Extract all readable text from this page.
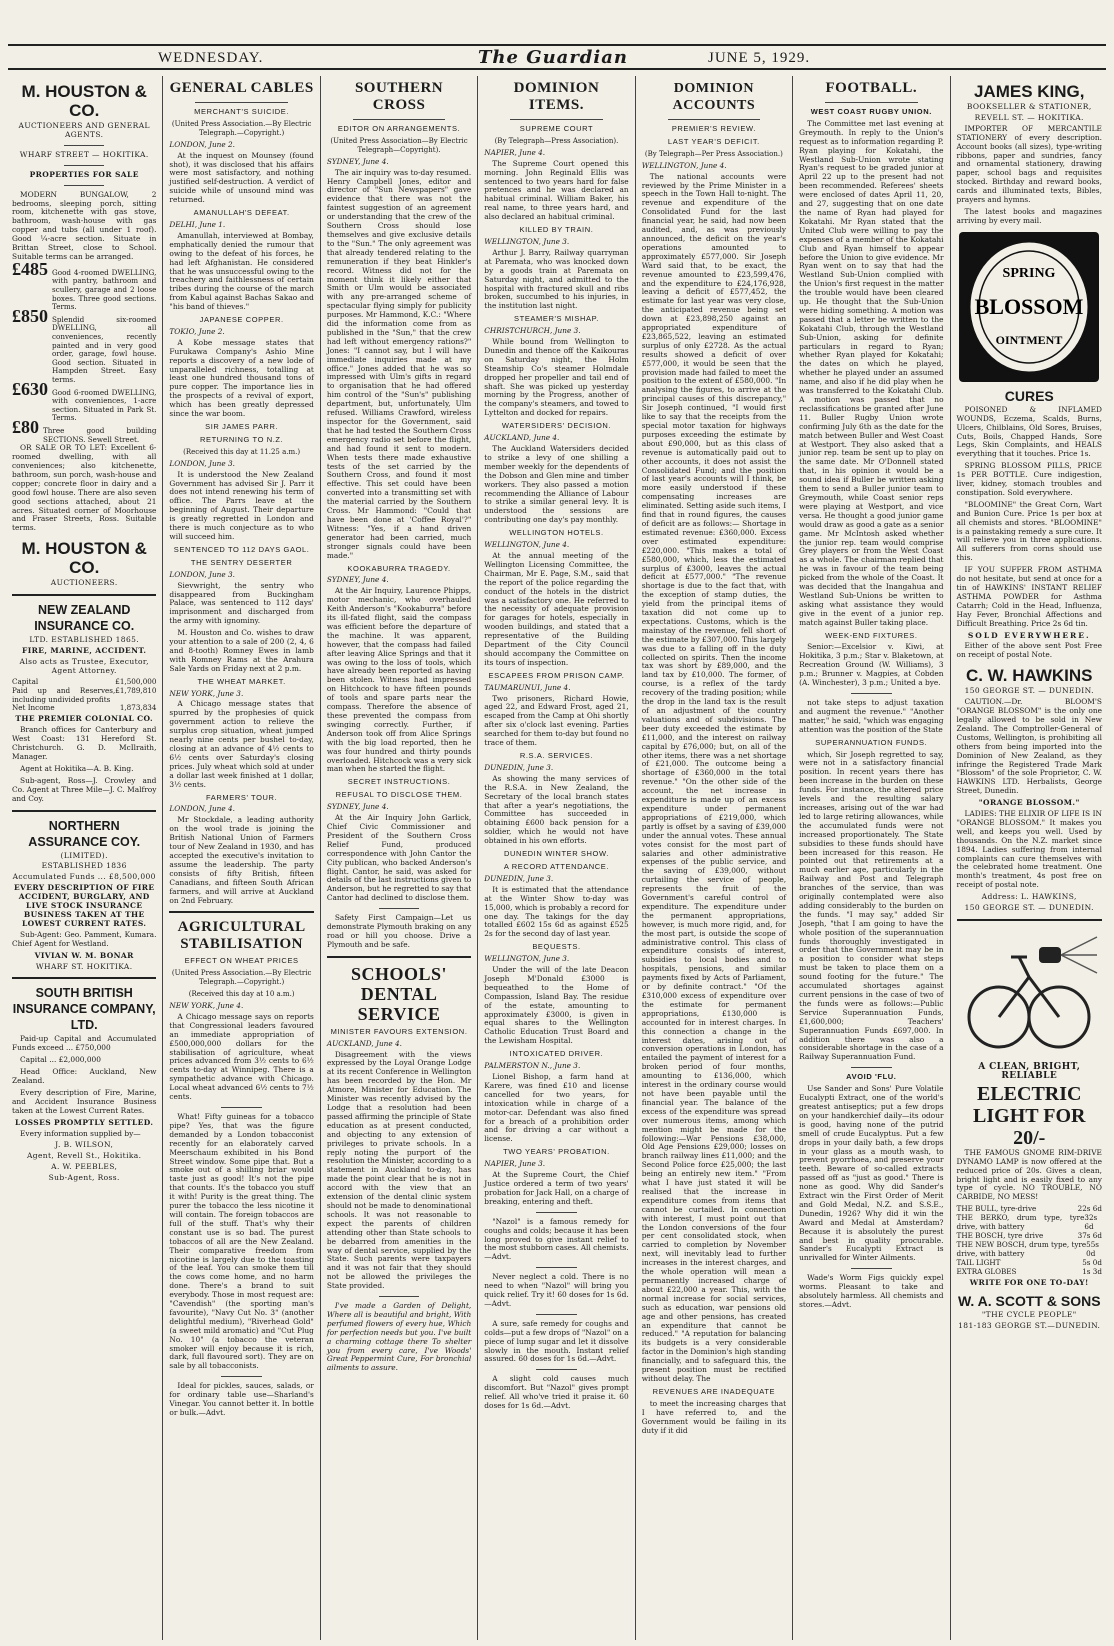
WEDNESDAY.	The Guardian	JUNE 5, 1929.
M. HOUSTON & CO.
AUCTIONEERS AND GENERAL AGENTS.
WHARF STREET — HOKITIKA.
PROPERTIES FOR SALE

MODERN BUNGALOW, 2 bedrooms, sleeping porch, sitting room, kitchenette with gas stove, bathroom, wash-house with gas copper and tubs (all under 1 roof). Good ¼-acre section. Situate in Brittan Street, close to School. Suitable terms can be arranged.

£485 Good 4-roomed DWELLING, with pantry, bathroom and scullery, garage and 2 loose boxes. Three good sections. Terms.
£850 Splendid six-roomed DWELLING, all conveniences, recently painted and in very good order, garage, fowl house. Good section. Situated in Hampden Street. Easy terms.
£630 Good 6-roomed DWELLING, with conveniences, 1-acre section. Situated in Park St. Terms.
£80 Three good building SECTIONS. Sewell Street.

OR SALE OR TO LET: Excellent 6-roomed dwelling, with all conveniences; also kitchenette, bathroom, sun porch, wash-house and copper; concrete floor in dairy and a good fowl house. There are also seven good sections attached, about 21 acres. Situated corner of Moorhouse and Fraser Streets, Ross. Suitable terms.

M. HOUSTON & CO.
AUCTIONEERS.
NEW ZEALAND INSURANCE CO.
LTD. ESTABLISHED 1865.
FIRE, MARINE, ACCIDENT.
Also acts as Trustee, Executor, Agent Attorney.
Capital	£1,500,000
Paid up and Reserves, including undivided profits
£1,789,810
Net Income	1,873,834
THE PREMIER COLONIAL CO.

Branch offices for Canterbury and West Coast: 131 Hereford St. Christchurch. G. D. McIlraith, Manager.

Agent at Hokitika—A. B. King.

Sub-agent, Ross—J. Crowley and Co. Agent at Three Mile—J. C. Malfroy and Coy.

NORTHERN ASSURANCE COY.
(LIMITED).
ESTABLISHED 1836
Accumulated Funds ... £8,500,000
EVERY DESCRIPTION OF FIRE ACCIDENT, BURGLARY, AND LIVE STOCK INSURANCE BUSINESS TAKEN AT THE LOWEST CURRENT RATES.

Sub-Agent: Geo. Pamment, Kumara. Chief Agent for Westland.

VIVIAN W. M. BONAR
WHARF ST. HOKITIKA.
SOUTH BRITISH INSURANCE COMPANY, LTD.

Paid-up Capital and Accumulated Funds exceed ... £750,000

Capital ... £2,000,000

Head Office: Auckland, New Zealand.

Every description of Fire, Marine, and Accident Insurance Business taken at the Lowest Current Rates.

LOSSES PROMPTLY SETTLED.

Every information supplied by—

J. B. WILSON,
Agent, Revell St., Hokitika.
A. W. PEEBLES,
Sub-Agent, Ross.
GENERAL CABLES
MERCHANT'S SUICIDE.
(United Press Association.—By Electric Telegraph.—Copyright.)
LONDON, June 2.

At the inquest on Mounsey (found shot), it was disclosed that his affairs were most satisfactory, and nothing justified self-destruction. A verdict of suicide while of unsound mind was returned.

AMANULLAH'S DEFEAT.
DELHI, June 1.

Amanullah, interviewed at Bombay, emphatically denied the rumour that owing to the defeat of his forces, he had left Afghanistan. He considered that he was unsuccessful owing to the treachery and faithlessness of certain tribes during the course of the march from Kabul against Bachas Sakao and "his band of thieves."

JAPANESE COPPER.
TOKIO, June 2.

A Kobe message states that Furukawa Company's Ashio Mine reports a discovery of a new lode of unparalleled richness, totalling at least one hundred thousand tons of pure copper. The importance lies in the prospects of a revival of export, which has been greatly depressed since the war boom.

SIR JAMES PARR.
RETURNING TO N.Z.
(Received this day at 11.25 a.m.)
LONDON, June 3.

It is understood the New Zealand Government has advised Sir J. Parr it does not intend renewing his term of office. The Parrs leave at the beginning of August. Their departure is greatly regretted in London and there is much conjecture as to who will succeed him.

SENTENCED TO 112 DAYS GAOL.
THE SENTRY DESERTER
LONDON, June 3.

Sievwright, the sentry who disappeared from Buckingham Palace, was sentenced to 112 days' imprisonment and discharged from the army with ignominy.

M. Houston and Co. wishes to draw your attention to a sale of 200 (2, 4, 6 and 8-tooth) Romney Ewes in lamb with Romney Rams at the Arahura Sale Yards on Friday next at 2 p.m.

THE WHEAT MARKET.
NEW YORK, June 3.

A Chicago message states that spurred by the prophesies of quick government action to relieve the surplus crop situation, wheat jumped nearly nine cents per bushel to-day, closing at an advance of 4½ cents to 6½ cents over Saturday's closing prices. July wheat which sold at under a dollar last week finished at 1 dollar, 3½ cents.

FARMERS' TOUR.
LONDON, June 4.

Mr Stockdale, a leading authority on the wool trade is joining the British National Union of Farmers tour of New Zealand in 1930, and has accepted the executive's invitation to assume the leadership. The party consists of fifty British, fifteen Canadians, and fifteen South African farmers, and will arrive at Auckland on 2nd February.

AGRICULTURAL STABILISATION
EFFECT ON WHEAT PRICES
(United Press Association.—By Electric Telegraph.—Copyright.)
(Received this day at 10 a.m.)
NEW YORK, June 4.

A Chicago message says on reports that Congressional leaders favoured an immediate appropriation of £500,000,000 dollars for the stabilisation of agriculture, wheat prices advanced from 3½ cents to 6½ cents to-day at Winnipeg. There is a sympathetic advance with Chicago. Local wheat advanced 6½ cents to 7½ cents.

What! Fifty guineas for a tobacco pipe? Yes, that was the figure demanded by a London tobacconist recently for an elaborately carved Meerschaum exhibited in his Bond Street window. Some pipe that. But a smoke out of a shilling briar would taste just as good! It's not the pipe that counts. It's the tobacco you stuff it with! Purity is the great thing. The purer the tobacco the less nicotine it will contain. The foreign tobaccos are full of the stuff. That's why their constant use is so bad. The purest tobaccos of all are the New Zealand. Their comparative freedom from nicotine is largely due to the toasting of the leaf. You can smoke them till the cows come home, and no harm done. There's a brand to suit everybody. Those in most request are: "Cavendish" (the sporting man's favourite), "Navy Cut No. 3" (another delightful medium), "Riverhead Gold" (a sweet mild aromatic) and "Cut Plug No. 10" (a tobacco the veteran smoker will enjoy because it is rich, dark, full flavoured sort). They are on sale by all tobacconists.

Ideal for pickles, sauces, salads, or for ordinary table use—Sharland's Vinegar. You cannot better it. In bottle or bulk.—Advt.

SOUTHERN CROSS
EDITOR ON ARRANGEMENTS.
(United Press Association—By Electric Telegraph—Copyright).
SYDNEY, June 4.

The air inquiry was to-day resumed. Henry Campbell Jones, editor and director of "Sun Newspapers" gave evidence that there was not the faintest suggestion of an agreement or understanding that the crew of the Southern Cross should lose themselves and give exclusive details to the "Sun." The only agreement was that already tendered relating to the remuneration if they beat Hinkler's record. Witness did not for the moment think it likely either that Smith or Ulm would be associated with any pre-arranged scheme of spectacular flying simply for publicity purposes. Mr Hammond, K.C.: "Where did the information come from as published in the "Sun," that the crew had left without emergency rations?" Jones: "I cannot say, but I will have immediate inquiries made at my office." Jones added that he was so impressed with Ulm's gifts in regard to organisation that he had offered him control of the "Sun's" publishing department, but, unfortunately, Ulm refused. Williams Crawford, wireless inspector for the Government, said that he had tested the Southern Cross emergency radio set before the flight, and had found it sent to modern. When tests there made exhaustive tests of the set carried by the Southern Cross, and found it most effective. This set could have been converted into a transmitting set with the material carried by the Southern Cross. Mr Hammond: "Could that have been done at 'Coffee Royal'?" Witness: "Yes, if a hand driven generator had been carried, much stronger signals could have been made."

KOOKABURRA TRAGEDY.
SYDNEY, June 4.

At the Air Inquiry, Laurence Phipps, motor mechanic, who overhauled Keith Anderson's "Kookaburra" before its ill-fated flight, said the compass was efficient before the departure of the machine. It was apparent, however, that the compass had failed after leaving Alice Springs and that it was owing to the loss of tools, which have already been reported as having been stolen. Witness had impressed on Hitchcock to have fifteen pounds of tools and spare parts near the compass. Therefore the absence of these prevented the compass from swinging correctly. Further, if Anderson took off from Alice Springs with the big load reported, then he was four hundred and thirty pounds overloaded. Hitchcock was a very sick man when he started the flight.

SECRET INSTRUCTIONS.
REFUSAL TO DISCLOSE THEM.
SYDNEY, June 4.

At the Air Inquiry John Garlick, Chief Civic Commissioner and President of the Southern Cross Relief Fund, produced correspondence with John Cantor the City publican, who backed Anderson's flight. Cantor, he said, was asked for details of the last instructions given to Anderson, but he regretted to say that Cantor had declined to disclose them.

Safety First Campaign—Let us demonstrate Plymouth braking on any road or hill you choose. Drive a Plymouth and be safe.

SCHOOLS' DENTAL SERVICE
MINISTER FAVOURS EXTENSION.
AUCKLAND, June 4.

Disagreement with the views expressed by the Loyal Orange Lodge at its recent Conference in Wellington has been recorded by the Hon. Mr Atmore, Minister for Education. The Minister was recently advised by the Lodge that a resolution had been passed affirming the principle of State education as at present conducted, and objecting to any extension of privileges to private schools. In a reply noting the purport of the resolution the Minister, according to a statement in Auckland to-day, has made the point clear that he is not in accord with the view that an extension of the dental clinic system should not be made to denominational schools. It was not reasonable to expect the parents of children attending other than State schools to be debarred from amenities in the way of dental service, supplied by the State. Such parents were taxpayers and it was not fair that they should not be allowed the privileges the State provided.

I've made a Garden of Delight, Where all is beautiful and bright, With perfumed flowers of every hue, Which for perfection needs but you. I've built a charming cottage there To shelter you from every care, I've Woods' Great Peppermint Cure, For bronchial ailments to assure.

DOMINION ITEMS.
SUPREME COURT
(By Telegraph—Press Association).
NAPIER, June 4.

The Supreme Court opened this morning. John Reginald Ellis was sentenced to two years hard for false pretences and he was declared an habitual criminal. William Baker, his real name, to three years hard, and also declared an habitual criminal.

KILLED BY TRAIN.
WELLINGTON, June 3.

Arthur J. Barry, Railway quarryman at Paremata, who was knocked down by a goods train at Paremata on Saturday night, and admitted to the hospital with fractured skull and ribs broken, succumbed to his injuries, in the institution last night.

STEAMER'S MISHAP.
CHRISTCHURCH, June 3.

While bound from Wellington to Dunedin and thence off the Kaikouras on Saturday night, the Holm Steamship Co's steamer Holmdale dropped her propeller and tail end of shaft. She was picked up yesterday morning by the Progress, another of the company's steamers, and towed to Lyttelton and docked for repairs.

WATERSIDERS' DECISION.
AUCKLAND, June 4.

The Auckland Watersiders decided to strike a levy of one shilling a member weekly for the dependents of the Dobson and Glen mine and timber workers. They also passed a motion recommending the Alliance of Labour to strike a similar general levy. It is understood the sessions are contributing one day's pay monthly.

WELLINGTON HOTELS.
WELLINGTON, June 4.

At the annual meeting of the Wellington Licensing Committee, the Chairman, Mr E. Page, S.M., said that the report of the police regarding the conduct of the hotels in the district was a satisfactory one. He referred to the necessity of adequate provision for garages for hotels, especially in wooden buildings, and stated that a representative of the Building Department of the City Council should accompany the Committee on its tours of inspection.

ESCAPEES FROM PRISON CAMP.
TAUMARUNUI, June 4.

Two prisoners, Richard Howie, aged 22, and Edward Frost, aged 21, escaped from the Camp at Ohi shortly after six o'clock last evening. Parties searched for them to-day but found no trace of them.

R.S.A. SERVICES.
DUNEDIN, June 3.

As showing the many services of the R.S.A. in New Zealand, the Secretary of the local branch states that after a year's negotiations, the Committee has succeeded in obtaining £600 back pension for a soldier, which he would not have obtained in his own efforts.

DUNEDIN WINTER SHOW.
A RECORD ATTENDANCE.
DUNEDIN, June 3.

It is estimated that the attendance at the Winter Show to-day was 15,000, which is probably a record for one day. The takings for the day totalled £602 15s 6d as against £525 2s for the second day of last year.

BEQUESTS.
WELLINGTON, June 3.

Under the will of the late Deacon Joseph M'Donald £3000 is bequeathed to the Home of Compassion, Island Bay. The residue of the estate, amounting to approximately £3000, is given in equal shares to the Wellington Catholic Education Trust Board and the Lewisham Hospital.

INTOXICATED DRIVER.
PALMERSTON N., June 3.

Lionel Bishop, a farm hand at Karere, was fined £10 and license cancelled for two years, for intoxication while in charge of a motor-car. Defendant was also fined for a breach of a prohibition order and for driving a car without a license.

TWO YEARS' PROBATION.
NAPIER, June 3.

At the Supreme Court, the Chief Justice ordered a term of two years' probation for Jack Hall, on a charge of breaking, entering and theft.

"Nazol" is a famous remedy for coughs and colds; because it has been long proved to give instant relief to the most stubborn cases. All chemists. —Advt.

Never neglect a cold. There is no need to when "Nazol" will bring you quick relief. Try it! 60 doses for 1s 6d.—Advt.

A sure, safe remedy for coughs and colds—put a few drops of "Nazol" on a piece of lump sugar and let it dissolve slowly in the mouth. Instant relief assured. 60 doses for 1s 6d.—Advt.

A slight cold causes much discomfort. But "Nazol" gives prompt relief. All who've tried it praise it. 60 doses for 1s 6d.—Advt.

DOMINION ACCOUNTS
PREMIER'S REVIEW.
LAST YEAR'S DEFICIT.
(By Telegraph—Per Press Association.)
WELLINGTON, June 4.

The national accounts were reviewed by the Prime Minister in a speech in the Town Hall to-night. The revenue and expenditure of the Consolidated Fund for the last financial year, he said, had now been audited, and, as was previously announced, the deficit on the year's operations amounted to approximately £577,000. Sir Joseph Ward said that, to be exact, the revenue amounted to £23,599,476, and the expenditure to £24,176,928, leaving a deficit of £577,452, the estimate for last year was very close, the anticipated revenue being set down at £23,898,250 against an appropriated expenditure of £23,865,522, leaving an estimated surplus of only £2728. As the actual results showed a deficit of over £577,000, it would be seen that the provision made had failed to meet the position to the extent of £580,000. "In analysing the figures, to arrive at the principal causes of this discrepancy," Sir Joseph continued, "I would first like to say that the receipts from the special motor taxation for highways purposes exceeding the estimate by about £90,000, but as this class of revenue is automatically paid out to other accounts, it does not assist the Consolidated Fund; and the position of last year's accounts will I think, be more easily understood if these compensating increases are eliminated. Setting aside such items, I find that in round figures, the causes of deficit are as follows:— Shortage in estimated revenue: £360,000. Excess over estimated expenditure: £220,000. "This makes a total of £580,000, which, less the estimated surplus of £3000, leaves the actual deficit at £577,000." "The revenue shortage is due to the fact that, with the exception of stamp duties, the yield from the principal items of taxation did not come up to expectations. Customs, which is the mainstay of the revenue, fell short of the estimate by £307,000. This largely was due to a falling off in the duty collected on spirits. Then the income tax was short by £89,000, and the land tax by £10,000. The former, of course, is a reflex of the tardy recovery of the trading position; while the drop in the land tax is the result of an adjustment of the country valuations and of subdivisions. The beer duty exceeded the estimate by £11,000, and the interest on railway capital by £76,000; but, on all of the other items, there was a net shortage of £21,000. The outcome being a shortage of £360,000 in the total revenue." "On the other side of the account, the net increase in expenditure is made up of an excess expenditure under permanent appropriations of £219,000, which partly is offset by a saving of £39,000 under the annual votes. These annual votes consist for the most part of salaries and other administrative expenses of the public service, and the saving of £39,000, without curtailing the service of people, represents the fruit of the Government's careful control of expenditure. The expenditure under the permanent appropriations, however, is much more rigid, and, for the most part, is outside the scope of administrative control. This class of expenditure consists of interest, subsidies to local bodies and to hospitals, pensions, and similar payments fixed by Acts of Parliament, or by definite contract." "Of the £310,000 excess of expenditure over the estimate for permanent appropriations, £130,000 is accounted for in interest charges. In this connection a change in the interest dates, arising out of conversion operations in London, has entailed the payment of interest for a broken period of four months, amounting to £136,000, which interest in the ordinary course would not have been payable until the financial year. The balance of the excess of the expenditure was spread over numerous items, among which mention might be made for the following:—War Pensions £38,000, Old Age Pensions £29,000; losses on branch railway lines £11,000; and the Second Police force £25,000; the last being an entirely new item." "From what I have just stated it will be realised that the increase in expenditure comes from items that cannot be curtailed. In connection with interest, I must point out that the London conversions of the four per cent consolidated stock, when carried to completion by November next, will inevitably lead to further increases in the interest charges, and the whole operation will mean a permanently increased charge of about £22,000 a year. This, with the normal increase for social services, such as education, war pensions old age and other pensions, has created an expenditure that cannot be reduced." "A reputation for balancing its budgets is a very considerable factor in the Dominion's high standing financially, and to safeguard this, the present position must be rectified without delay. The

REVENUES ARE INADEQUATE

to meet the increasing charges that I have referred to, and the Government would be failing in its duty if it did

FOOTBALL.
WEST COAST RUGBY UNION.

The Committee met last evening at Greymouth. In reply to the Union's request as to information regarding P. Ryan playing for Kokatahi, the Westland Sub-Union wrote stating Ryan's request to be graded junior at April 22 up to the present had not been recommended. Referees' sheets were enclosed of dates April 11, 20, and 27, suggesting that on one date the name of Ryan had played for Kokatahi. Mr Ryan stated that the United Club were willing to pay the expenses of a member of the Kokatahi Club and Ryan himself to appear before the Union to give evidence. Mr Ryan went on to say that had the Westland Sub-Union complied with the Union's first request in the matter the trouble would have been cleared up. He thought that the Sub-Union were hiding something. A motion was passed that a letter be written to the Kokatahi Club, through the Westland Sub-Union, asking for definite particulars in regard to Ryan; whether Ryan played for Kokatahi; the dates on which he played, whether he played under an assumed name, and also if he did play when he was transferred to the Kokatahi Club. A motion was passed that no reclassifications be granted after June 11. Buller Rugby Union wrote confirming July 6th as the date for the match between Buller and West Coast at Westport. They also asked that a junior rep. team be sent up to play on the same date. Mr O'Donnell stated that, in his opinion it would be a sound idea if Buller be written asking them to send a Buller junior team to Greymouth, while Coast senior reps were playing at Westport, and vice versa. He thought a good junior game would draw as good a gate as a senior game. Mr McIntosh asked whether the junior rep. team would comprise Grey players or from the West Coast as a whole. The chairman replied that he was in favour of the team being picked from the whole of the Coast. It was decided that the Inangahua and Westland Sub-Unions be written to asking what assistance they would give in the event of a junior rep. match against Buller taking place.

WEEK-END FIXTURES.

Senior:—Excelsior v. Kiwi, at Hokitika, 3 p.m.; Star v. Blaketown, at Recreation Ground (W. Williams), 3 p.m.; Brunner v. Magpies, at Cobden (A. Winchester), 3 p.m.; United a bye.

not take steps to adjust taxation and augment the revenue." "Another matter," he said, "which was engaging attention was the position of the State

SUPERANNUATION FUNDS.

which, Sir Joseph regretted to say, were not in a satisfactory financial position. In recent years there has been increase in the burden on these funds. For instance, the altered price levels and the resulting salary increases, arising out of the war had led to large retiring allowances, while the accumulated funds were not increased proportionately. The State subsidies to these funds should have been increased for this reason. He pointed out that retirements at a much earlier age, particularly in the Railway and Post and Telegraph branches of the service, than was originally contemplated were also adding considerably to the burden on the funds. "I may say," added Sir Joseph, "that I am going to have the whole position of the superannuation funds thoroughly investigated in order that the Government may be in a position to consider what steps must be taken to place them on a sound footing for the future." The accumulated shortages against current pensions in the case of two of the funds were as follows:—Public Service Superannuation Funds, £1,600,000; Teachers' Superannuation Funds £697,000. In addition there was also a considerable shortage in the case of a Railway Superannuation Fund.

AVOID 'FLU.

Use Sander and Sons' Pure Volatile Eucalypti Extract, one of the world's greatest antiseptics; put a few drops on your handkerchief daily—its odour is good, having none of the putrid smell of crude Eucalyptus. Put a few drops in your daily bath, a few drops in your glass as a mouth wash, to prevent pyorrhoea, and preserve your teeth. Beware of so-called extracts passed off as "just as good." There is none as good. Why did Sander's Extract win the First Order of Merit and Gold Medal, N.Z. and S.S.E., Dunedin, 1926? Why did it win the Award and Medal at Amsterdam? Because it is absolutely the purest and best in quality procurable. Sander's Eucalypti Extract is unrivalled for Winter Ailments.

Wade's Worm Figs quickly expel worms. Pleasant to take and absolutely harmless. All chemists and stores.—Advt.

JAMES KING,
BOOKSELLER & STATIONER,
REVELL ST. — HOKITIKA.

IMPORTER OF MERCANTILE STATIONERY of every description. Account books (all sizes), type-writing ribbons, paper and sundries, fancy and ornamental stationery, drawing paper, school bags and requisites stocked. Birthday and reward books, cards and illuminated texts, Bibles, prayers and hymns.

The latest books and magazines arriving by every mail.

SPRING
BLOSSOM
OINTMENT
CURES

POISONED & INFLAMED WOUNDS, Eczema, Scalds, Burns, Ulcers, Chilblains, Old Sores, Bruises, Cuts, Boils, Chapped Hands, Sore Legs, Skin Complaints, and HEALS everything that it touches. Price 1s.

SPRING BLOSSOM PILLS, PRICE 1s PER BOTTLE. Cure indigestion, liver, kidney, stomach troubles and constipation. Sold everywhere.

"BLOOMINE" the Great Corn, Wart and Bunion Cure. Price 1s per box at all chemists and stores. "BLOOMINE" is a painstaking remedy a sure cure. It will relieve you in three applications. All sufferers from corns should use this.

IF YOU SUFFER FROM ASTHMA do not hesitate, but send at once for a tin of HAWKINS' INSTANT RELIEF ASTHMA POWDER for Asthma Catarrh; Cold in the Head, Influenza, Hay Fever, Bronchial Affections and Difficult Breathing. Price 2s 6d tin.

SOLD EVERYWHERE.

Either of the above sent Post Free on receipt of postal Note.

C. W. HAWKINS
150 GEORGE ST. — DUNEDIN.

CAUTION.—Dr. BLOOM'S "ORANGE BLOSSOM" is the only one legally allowed to be sold in New Zealand. The Comptroller-General of Customs, Wellington, is prohibiting all others from being imported into the Dominion of New Zealand, as they infringe the Registered Trade Mark "Blossom" of the sole Proprietor, C. W. HAWKINS LTD. Herbalists, George Street, Dunedin.

"ORANGE BLOSSOM."

LADIES: THE ELIXIR OF LIFE IS IN "ORANGE BLOSSOM." It makes you well, and keeps you well. Used by thousands. On the N.Z. market since 1894. Ladies suffering from internal complaints can cure themselves with the celebrated home treatment. One month's treatment, 4s post free on receipt of postal note.

Address: L. HAWKINS,
150 GEORGE ST. — DUNEDIN.
A CLEAN, BRIGHT, RELIABLE
ELECTRIC LIGHT FOR 20/-

THE FAMOUS GNOME RIM-DRIVE DYNAMO LAMP is now offered at the reduced price of 20s. Gives a clean, bright light and is easily fixed to any type of cycle. NO TROUBLE, NO CARBIDE, NO MESS!

THE BULL, tyre-drive	22s 6d
THE BERKO, drum type, tyre drive, with battery
32s 6d
THE BOSCH, tyre drive	37s 6d
THE NEW BOSCH, drum type, tyre drive, with battery
55s 0d
TAIL LIGHT	5s 0d
EXTRA GLOBES	1s 3d
WRITE FOR ONE TO-DAY!
W. A. SCOTT & SONS
"THE CYCLE PEOPLE"
181-183 GEORGE ST.—DUNEDIN.
